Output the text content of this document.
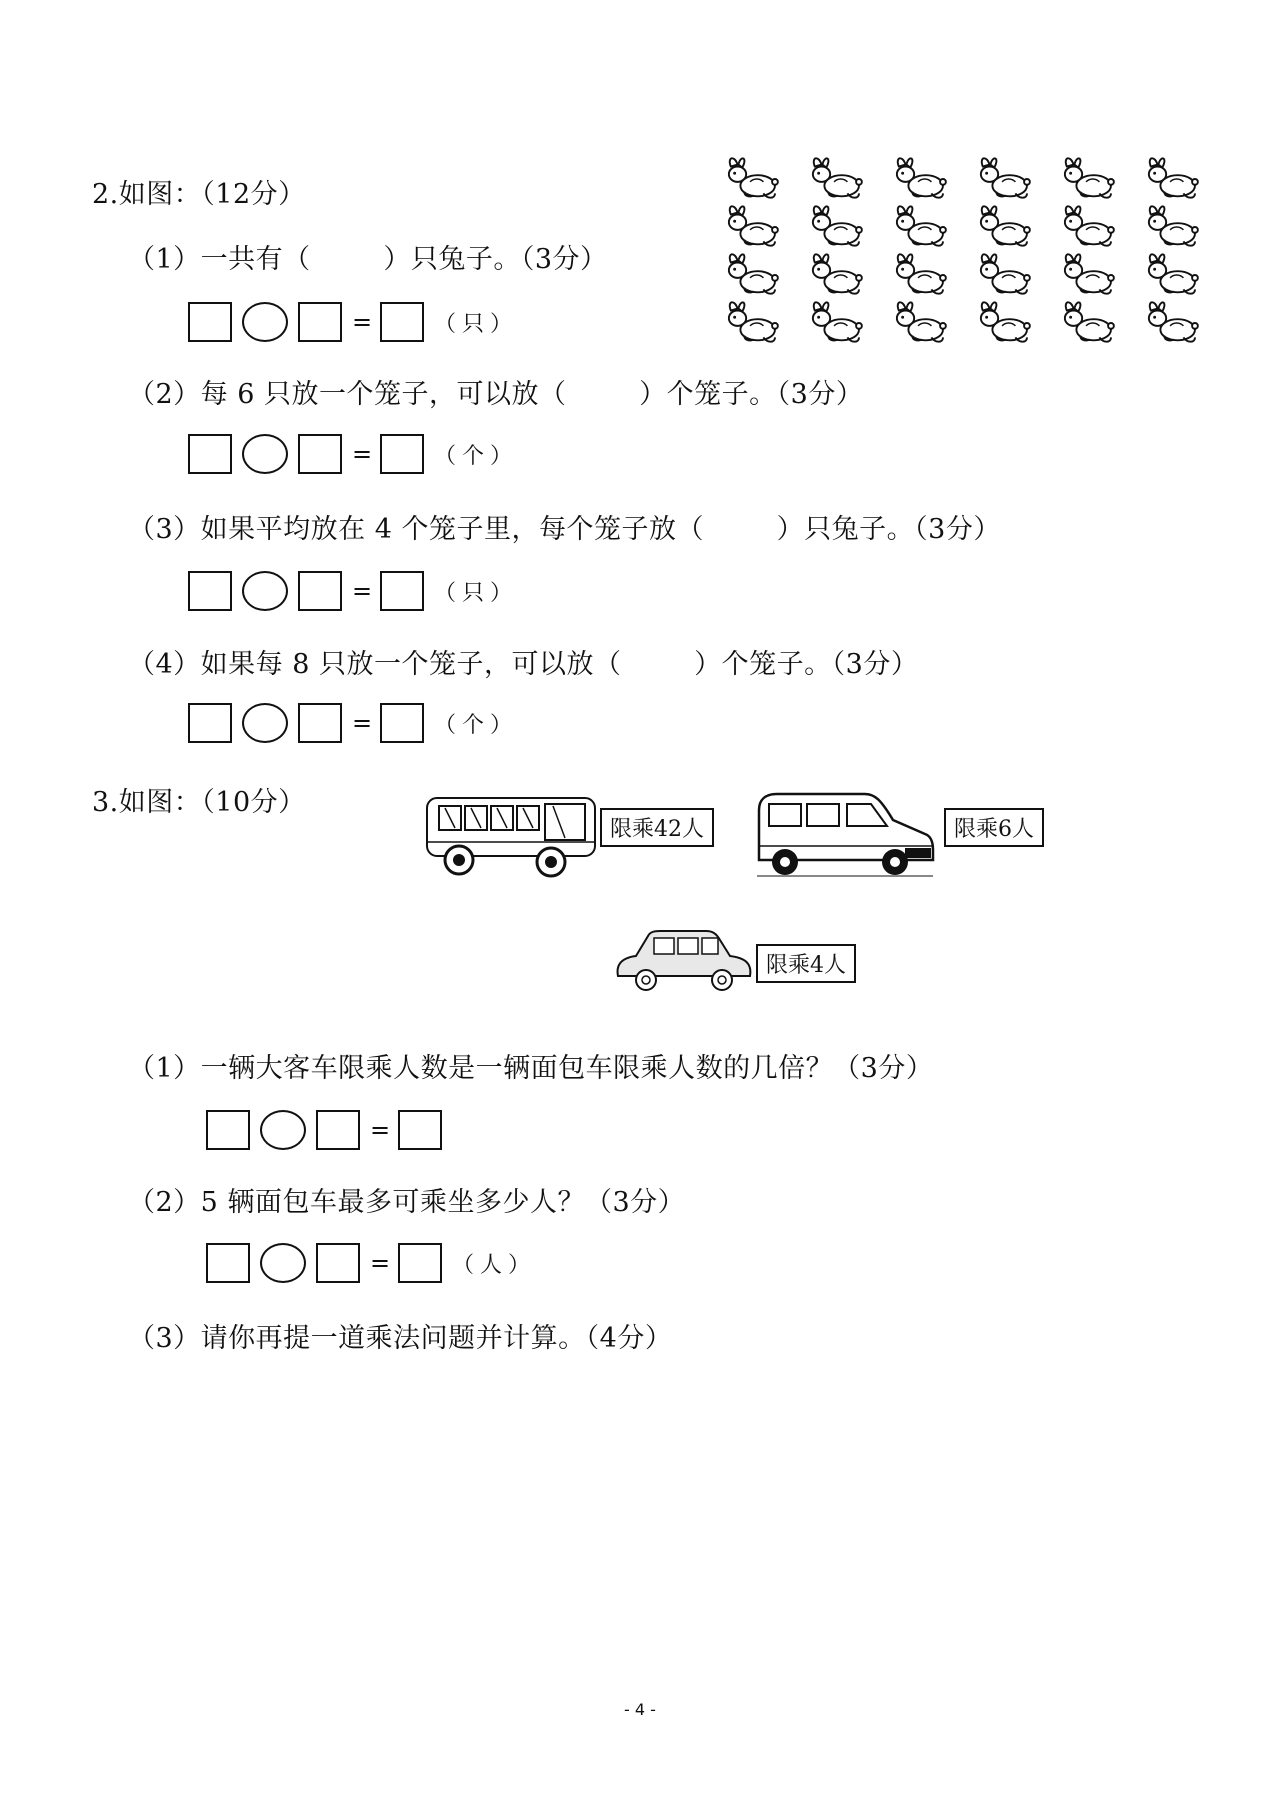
2.如图：（12分）
（1）一共有（        ）只兔子。（3分）
=	（只）
（2）每 6 只放一个笼子，可以放（        ）个笼子。（3分）
=	（个）
（3）如果平均放在 4 个笼子里，每个笼子放（        ）只兔子。（3分）
=	（只）
（4）如果每 8 只放一个笼子，可以放（        ）个笼子。（3分）
=	（个）
3.如图：（10分）
限乘42人	限乘6人
限乘4人
（1）一辆大客车限乘人数是一辆面包车限乘人数的几倍？（3分）
=
（2）5 辆面包车最多可乘坐多少人？（3分）
=	（人）
（3）请你再提一道乘法问题并计算。（4分）
- 4 -
